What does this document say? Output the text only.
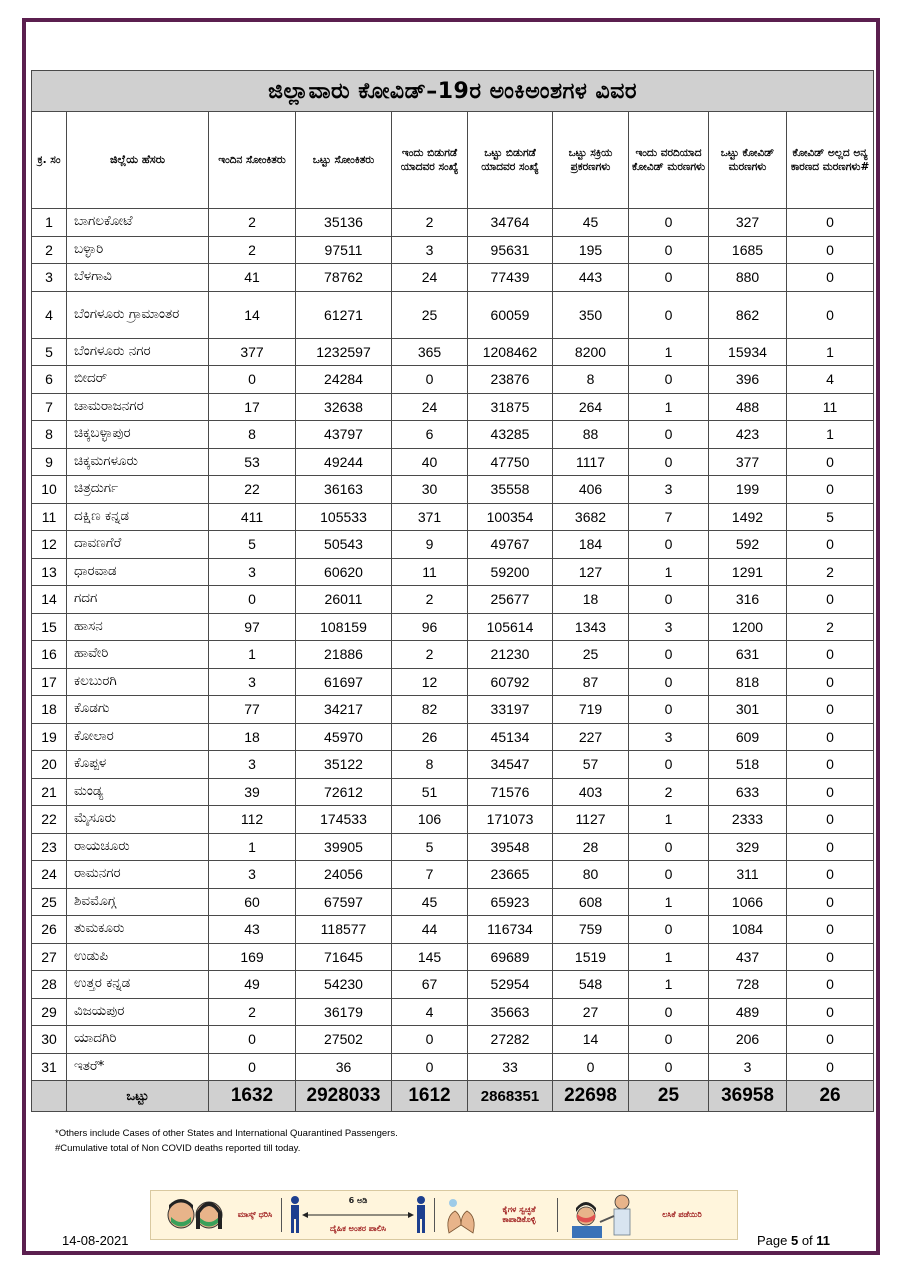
ಜಿಲ್ಲಾವಾರು ಕೋವಿಡ್–19ರ ಅಂಕಿಅಂಶಗಳ ವಿವರ									
ಕ್ರ. ಸಂ	ಜಿಲ್ಲೆಯ ಹೆಸರು	ಇಂದಿನ ಸೋಂಕಿತರು	ಒಟ್ಟು ಸೋಂಕಿತರು	ಇಂದು ಬಿಡುಗಡೆ ಯಾದವರ ಸಂಖ್ಯೆ	ಒಟ್ಟು ಬಿಡುಗಡೆ ಯಾದವರ ಸಂಖ್ಯೆ	ಒಟ್ಟು ಸಕ್ರಿಯ ಪ್ರಕರಣಗಳು	ಇಂದು ವರದಿಯಾದ ಕೋವಿಡ್ ಮರಣಗಳು	ಒಟ್ಟು ಕೋವಿಡ್ ಮರಣಗಳು	ಕೋವಿಡ್ ಅಲ್ಲದ ಅನ್ಯ ಕಾರಣದ ಮರಣಗಳು#
1	ಬಾಗಲಕೋಟೆ	2	35136	2	34764	45	0	327	0
2	ಬಳ್ಳಾರಿ	2	97511	3	95631	195	0	1685	0
3	ಬೆಳಗಾವಿ	41	78762	24	77439	443	0	880	0
4	ಬೆಂಗಳೂರು ಗ್ರಾಮಾಂತರ	14	61271	25	60059	350	0	862	0
5	ಬೆಂಗಳೂರು ನಗರ	377	1232597	365	1208462	8200	1	15934	1
6	ಬೀದರ್	0	24284	0	23876	8	0	396	4
7	ಚಾಮರಾಜನಗರ	17	32638	24	31875	264	1	488	11
8	ಚಿಕ್ಕಬಳ್ಳಾಪುರ	8	43797	6	43285	88	0	423	1
9	ಚಿಕ್ಕಮಗಳೂರು	53	49244	40	47750	1117	0	377	0
10	ಚಿತ್ರದುರ್ಗ	22	36163	30	35558	406	3	199	0
11	ದಕ್ಷಿಣ ಕನ್ನಡ	411	105533	371	100354	3682	7	1492	5
12	ದಾವಣಗೆರೆ	5	50543	9	49767	184	0	592	0
13	ಧಾರವಾಡ	3	60620	11	59200	127	1	1291	2
14	ಗದಗ	0	26011	2	25677	18	0	316	0
15	ಹಾಸನ	97	108159	96	105614	1343	3	1200	2
16	ಹಾವೇರಿ	1	21886	2	21230	25	0	631	0
17	ಕಲಬುರಗಿ	3	61697	12	60792	87	0	818	0
18	ಕೊಡಗು	77	34217	82	33197	719	0	301	0
19	ಕೋಲಾರ	18	45970	26	45134	227	3	609	0
20	ಕೊಪ್ಪಳ	3	35122	8	34547	57	0	518	0
21	ಮಂಡ್ಯ	39	72612	51	71576	403	2	633	0
22	ಮೈಸೂರು	112	174533	106	171073	1127	1	2333	0
23	ರಾಯಚೂರು	1	39905	5	39548	28	0	329	0
24	ರಾಮನಗರ	3	24056	7	23665	80	0	311	0
25	ಶಿವಮೊಗ್ಗ	60	67597	45	65923	608	1	1066	0
26	ತುಮಕೂರು	43	118577	44	116734	759	0	1084	0
27	ಉಡುಪಿ	169	71645	145	69689	1519	1	437	0
28	ಉತ್ತರ ಕನ್ನಡ	49	54230	67	52954	548	1	728	0
29	ವಿಜಯಪುರ	2	36179	4	35663	27	0	489	0
30	ಯಾದಗಿರಿ	0	27502	0	27282	14	0	206	0
31	ಇತರೆ*	0	36	0	33	0	0	3	0
	ಒಟ್ಟು	1632	2928033	1612	2868351	22698	25	36958	26
*Others include Cases of other States and International Quarantined Passengers.
#Cumulative total of Non COVID deaths reported till today.
ಮಾಸ್ಕ್ ಧರಿಸಿ
6 ಅಡಿ
ದೈಹಿಕ ಅಂತರ ಪಾಲಿಸಿ
ಕೈಗಳ ಸ್ವಚ್ಛತೆ ಕಾಪಾಡಿಕೊಳ್ಳಿ
ಲಸಿಕೆ ಪಡೆಯಿರಿ
14-08-2021	Page 5 of 11
